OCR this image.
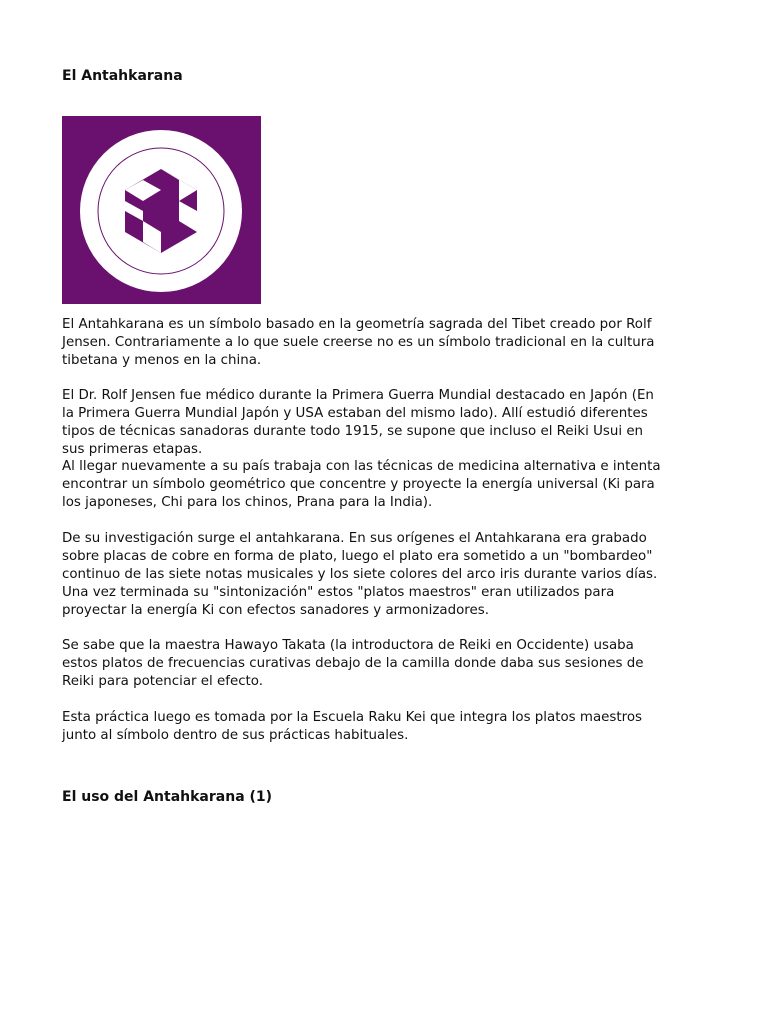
El Antahkarana

El Antahkarana es un símbolo basado en la geometría sagrada del Tibet creado por Rolf
Jensen. Contrariamente a lo que suele creerse no es un símbolo tradicional en la cultura
tibetana y menos en la china.

El Dr. Rolf Jensen fue médico durante la Primera Guerra Mundial destacado en Japón (En
la Primera Guerra Mundial Japón y USA estaban del mismo lado). Allí estudió diferentes
tipos de técnicas sanadoras durante todo 1915, se supone que incluso el Reiki Usui en
sus primeras etapas.

Al llegar nuevamente a su país trabaja con las técnicas de medicina alternativa e intenta
encontrar un símbolo geométrico que concentre y proyecte la energía universal (Ki para
los japoneses, Chi para los chinos, Prana para la India).

De su investigación surge el antahkarana. En sus orígenes el Antahkarana era grabado
sobre placas de cobre en forma de plato, luego el plato era sometido a un "bombardeo"
continuo de las siete notas musicales y los siete colores del arco iris durante varios días.
Una vez terminada su "sintonización" estos "platos maestros" eran utilizados para
proyectar la energía Ki con efectos sanadores y armonizadores.

Se sabe que la maestra Hawayo Takata (la introductora de Reiki en Occidente) usaba
estos platos de frecuencias curativas debajo de la camilla donde daba sus sesiones de
Reiki para potenciar el efecto.

Esta práctica luego es tomada por la Escuela Raku Kei que integra los platos maestros
junto al símbolo dentro de sus prácticas habituales.

El uso del Antahkarana (1)
